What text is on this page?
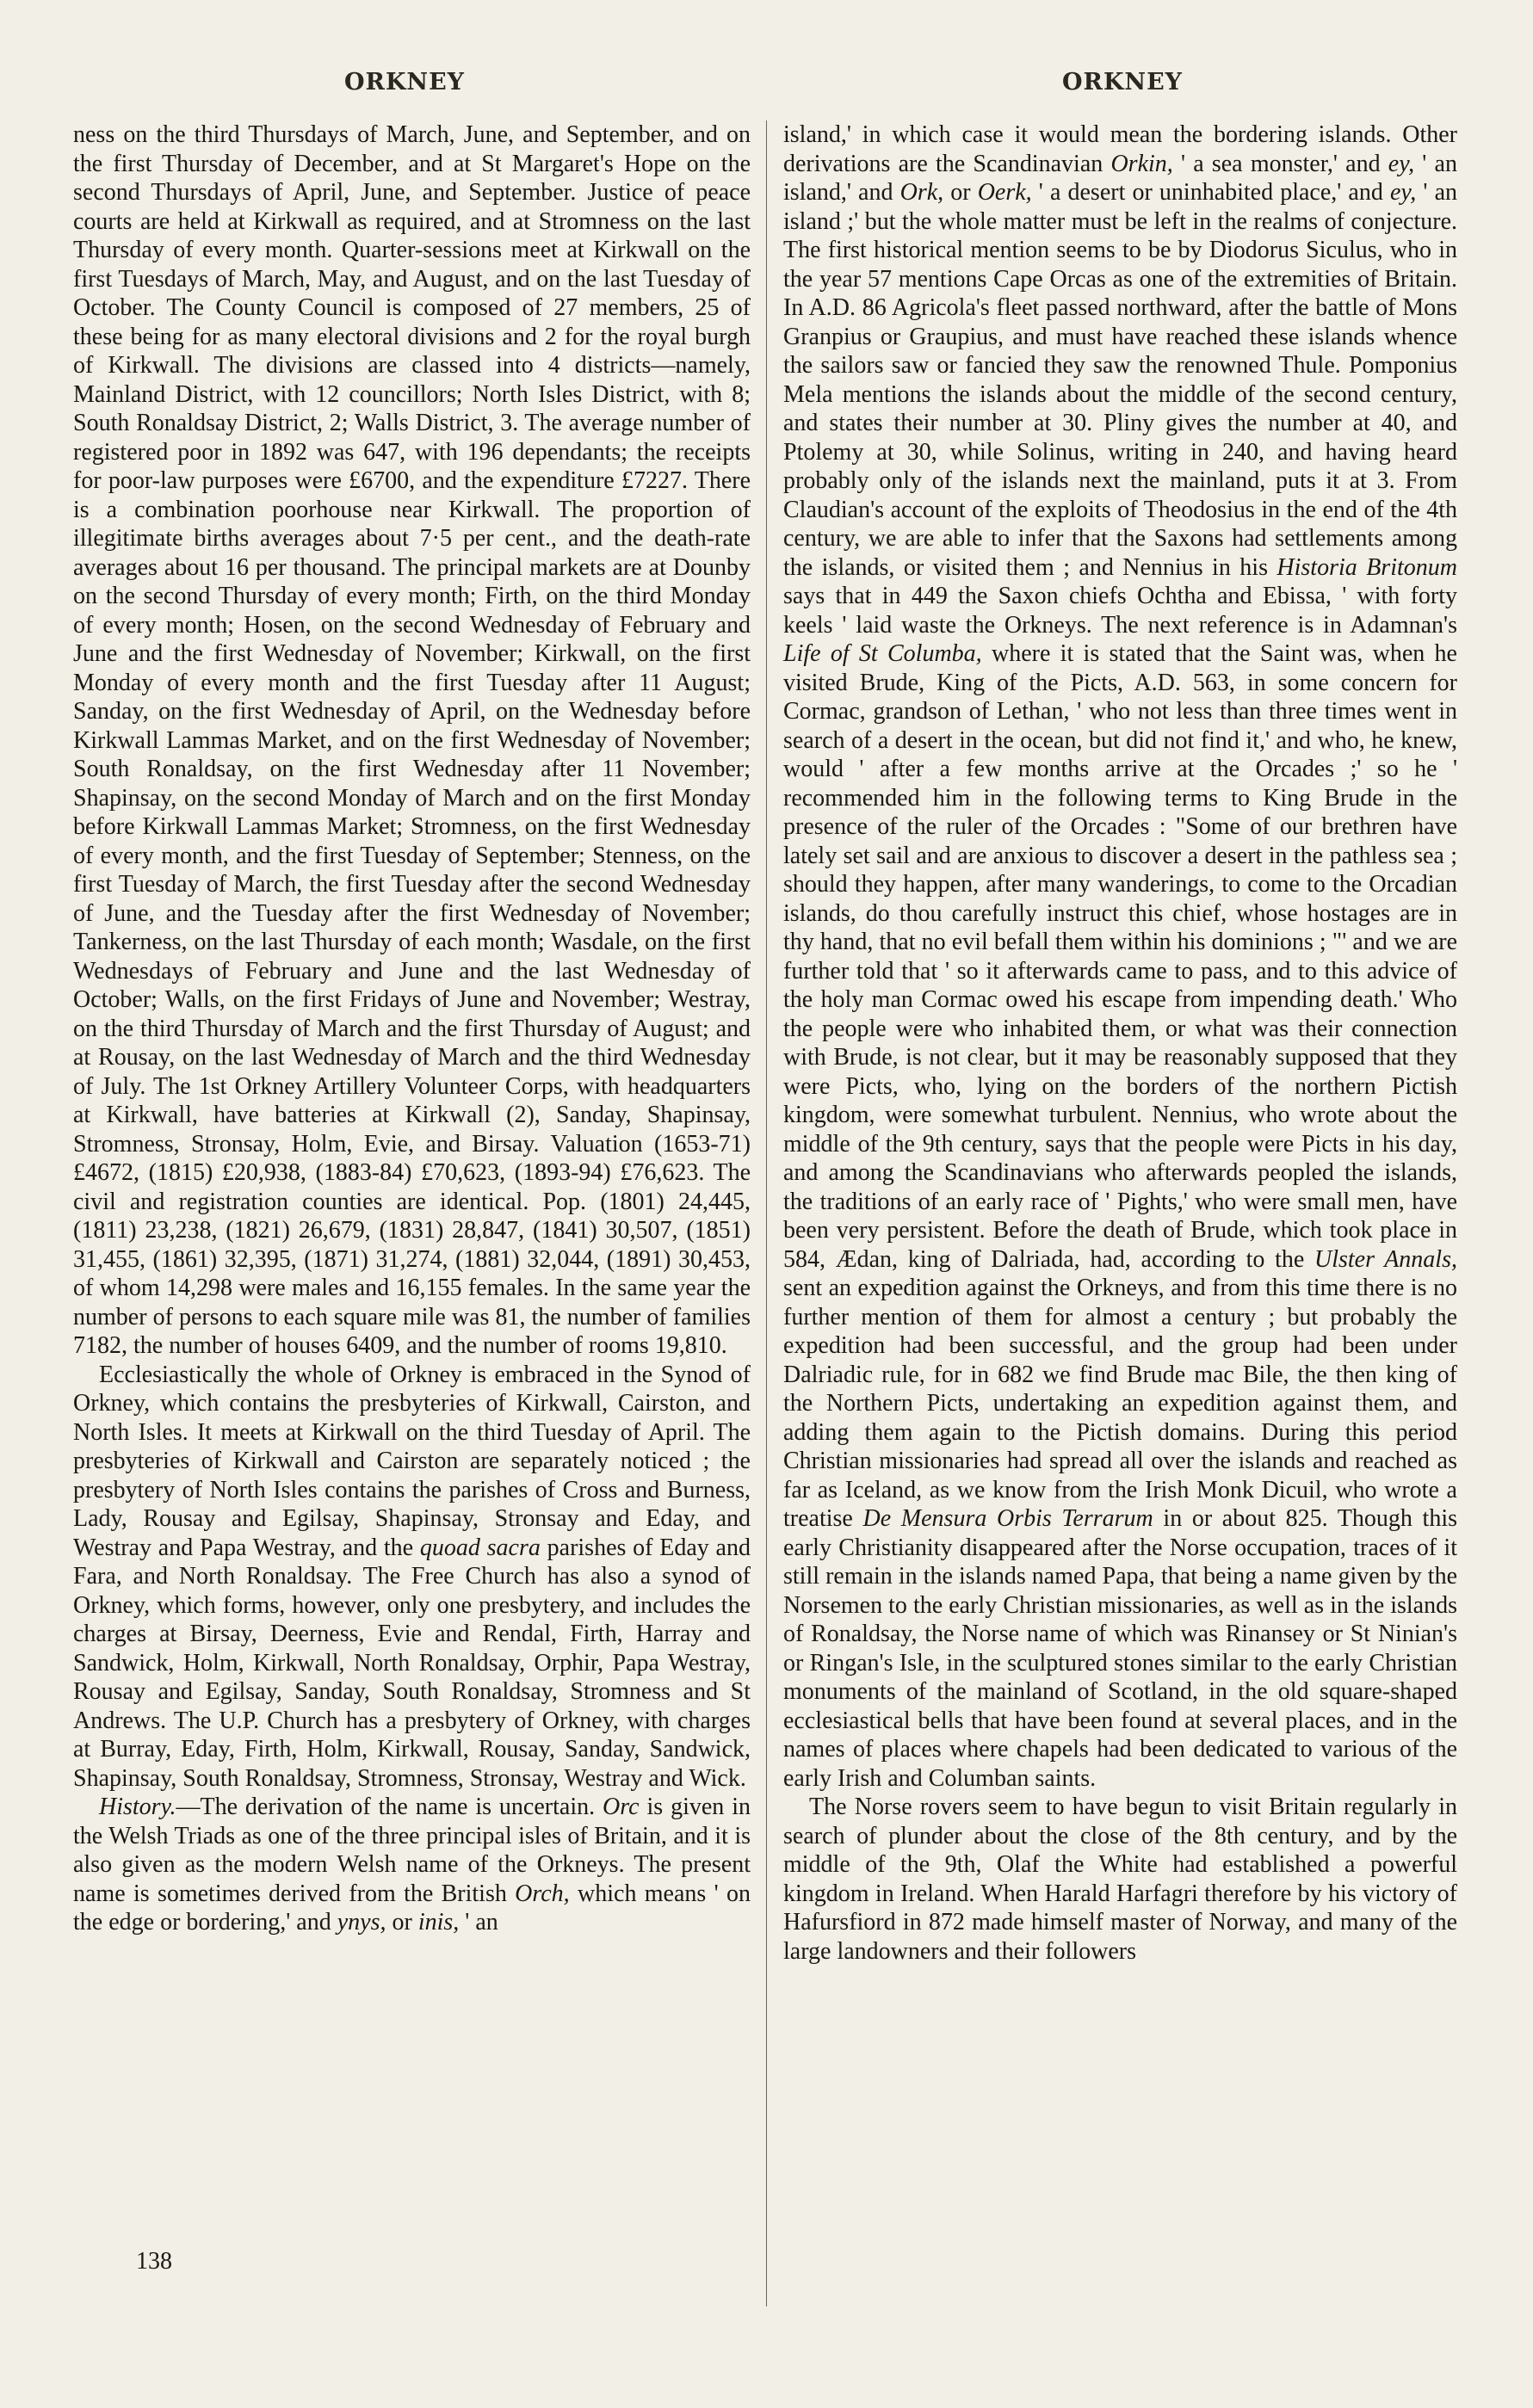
ORKNEY	ORKNEY

ness on the third Thursdays of March, June, and September, and on the first Thursday of December, and at St Margaret's Hope on the second Thursdays of April, June, and September. Justice of peace courts are held at Kirkwall as required, and at Stromness on the last Thursday of every month. Quarter-sessions meet at Kirkwall on the first Tuesdays of March, May, and August, and on the last Tuesday of October. The County Council is composed of 27 members, 25 of these being for as many electoral divisions and 2 for the royal burgh of Kirkwall. The divisions are classed into 4 districts—namely, Mainland District, with 12 councillors; North Isles District, with 8; South Ronaldsay District, 2; Walls District, 3. The average number of registered poor in 1892 was 647, with 196 dependants; the receipts for poor-law purposes were £6700, and the expenditure £7227. There is a combination poorhouse near Kirkwall. The proportion of illegitimate births averages about 7·5 per cent., and the death-rate averages about 16 per thousand. The principal markets are at Dounby on the second Thursday of every month; Firth, on the third Monday of every month; Hosen, on the second Wednesday of February and June and the first Wednesday of November; Kirkwall, on the first Monday of every month and the first Tuesday after 11 August; Sanday, on the first Wednesday of April, on the Wednesday before Kirkwall Lammas Market, and on the first Wednesday of November; South Ronaldsay, on the first Wednesday after 11 November; Shapinsay, on the second Monday of March and on the first Monday before Kirkwall Lammas Market; Stromness, on the first Wednesday of every month, and the first Tuesday of September; Stenness, on the first Tuesday of March, the first Tuesday after the second Wednesday of June, and the Tuesday after the first Wednesday of November; Tankerness, on the last Thursday of each month; Wasdale, on the first Wednesdays of February and June and the last Wednesday of October; Walls, on the first Fridays of June and November; Westray, on the third Thursday of March and the first Thursday of August; and at Rousay, on the last Wednesday of March and the third Wednesday of July. The 1st Orkney Artillery Volunteer Corps, with headquarters at Kirkwall, have batteries at Kirkwall (2), Sanday, Shapinsay, Stromness, Stronsay, Holm, Evie, and Birsay. Valuation (1653-71) £4672, (1815) £20,938, (1883-84) £70,623, (1893-94) £76,623. The civil and registration counties are identical. Pop. (1801) 24,445, (1811) 23,238, (1821) 26,679, (1831) 28,847, (1841) 30,507, (1851) 31,455, (1861) 32,395, (1871) 31,274, (1881) 32,044, (1891) 30,453, of whom 14,298 were males and 16,155 females. In the same year the number of persons to each square mile was 81, the number of families 7182, the number of houses 6409, and the number of rooms 19,810.

Ecclesiastically the whole of Orkney is embraced in the Synod of Orkney, which contains the presbyteries of Kirkwall, Cairston, and North Isles. It meets at Kirkwall on the third Tuesday of April. The presbyteries of Kirkwall and Cairston are separately noticed ; the presbytery of North Isles contains the parishes of Cross and Burness, Lady, Rousay and Egilsay, Shapinsay, Stronsay and Eday, and Westray and Papa Westray, and the quoad sacra parishes of Eday and Fara, and North Ronaldsay. The Free Church has also a synod of Orkney, which forms, however, only one presbytery, and includes the charges at Birsay, Deerness, Evie and Rendal, Firth, Harray and Sandwick, Holm, Kirkwall, North Ronaldsay, Orphir, Papa Westray, Rousay and Egilsay, Sanday, South Ronaldsay, Stromness and St Andrews. The U.P. Church has a presbytery of Orkney, with charges at Burray, Eday, Firth, Holm, Kirkwall, Rousay, Sanday, Sandwick, Shapinsay, South Ronaldsay, Stromness, Stronsay, Westray and Wick.

History.—The derivation of the name is uncertain. Orc is given in the Welsh Triads as one of the three principal isles of Britain, and it is also given as the modern Welsh name of the Orkneys. The present name is sometimes derived from the British Orch, which means ' on the edge or bordering,' and ynys, or inis, ' an

island,' in which case it would mean the bordering islands. Other derivations are the Scandinavian Orkin, ' a sea monster,' and ey, ' an island,' and Ork, or Oerk, ' a desert or uninhabited place,' and ey, ' an island ;' but the whole matter must be left in the realms of conjecture. The first historical mention seems to be by Diodorus Siculus, who in the year 57 mentions Cape Orcas as one of the extremities of Britain. In A.D. 86 Agricola's fleet passed northward, after the battle of Mons Granpius or Graupius, and must have reached these islands whence the sailors saw or fancied they saw the renowned Thule. Pomponius Mela mentions the islands about the middle of the second century, and states their number at 30. Pliny gives the number at 40, and Ptolemy at 30, while Solinus, writing in 240, and having heard probably only of the islands next the mainland, puts it at 3. From Claudian's account of the exploits of Theodosius in the end of the 4th century, we are able to infer that the Saxons had settlements among the islands, or visited them ; and Nennius in his Historia Britonum says that in 449 the Saxon chiefs Ochtha and Ebissa, ' with forty keels ' laid waste the Orkneys. The next reference is in Adamnan's Life of St Columba, where it is stated that the Saint was, when he visited Brude, King of the Picts, A.D. 563, in some concern for Cormac, grandson of Lethan, ' who not less than three times went in search of a desert in the ocean, but did not find it,' and who, he knew, would ' after a few months arrive at the Orcades ;' so he ' recommended him in the following terms to King Brude in the presence of the ruler of the Orcades : "Some of our brethren have lately set sail and are anxious to discover a desert in the pathless sea ; should they happen, after many wanderings, to come to the Orcadian islands, do thou carefully instruct this chief, whose hostages are in thy hand, that no evil befall them within his dominions ; "' and we are further told that ' so it afterwards came to pass, and to this advice of the holy man Cormac owed his escape from impending death.' Who the people were who inhabited them, or what was their connection with Brude, is not clear, but it may be reasonably supposed that they were Picts, who, lying on the borders of the northern Pictish kingdom, were somewhat turbulent. Nennius, who wrote about the middle of the 9th century, says that the people were Picts in his day, and among the Scandinavians who afterwards peopled the islands, the traditions of an early race of ' Pights,' who were small men, have been very persistent. Before the death of Brude, which took place in 584, Ædan, king of Dalriada, had, according to the Ulster Annals, sent an expedition against the Orkneys, and from this time there is no further mention of them for almost a century ; but probably the expedition had been successful, and the group had been under Dalriadic rule, for in 682 we find Brude mac Bile, the then king of the Northern Picts, undertaking an expedition against them, and adding them again to the Pictish domains. During this period Christian missionaries had spread all over the islands and reached as far as Iceland, as we know from the Irish Monk Dicuil, who wrote a treatise De Mensura Orbis Terrarum in or about 825. Though this early Christianity disappeared after the Norse occupation, traces of it still remain in the islands named Papa, that being a name given by the Norsemen to the early Christian missionaries, as well as in the islands of Ronaldsay, the Norse name of which was Rinansey or St Ninian's or Ringan's Isle, in the sculptured stones similar to the early Christian monuments of the mainland of Scotland, in the old square-shaped ecclesiastical bells that have been found at several places, and in the names of places where chapels had been dedicated to various of the early Irish and Columban saints.

The Norse rovers seem to have begun to visit Britain regularly in search of plunder about the close of the 8th century, and by the middle of the 9th, Olaf the White had established a powerful kingdom in Ireland. When Harald Harfagri therefore by his victory of Hafursfiord in 872 made himself master of Norway, and many of the large landowners and their followers

138
